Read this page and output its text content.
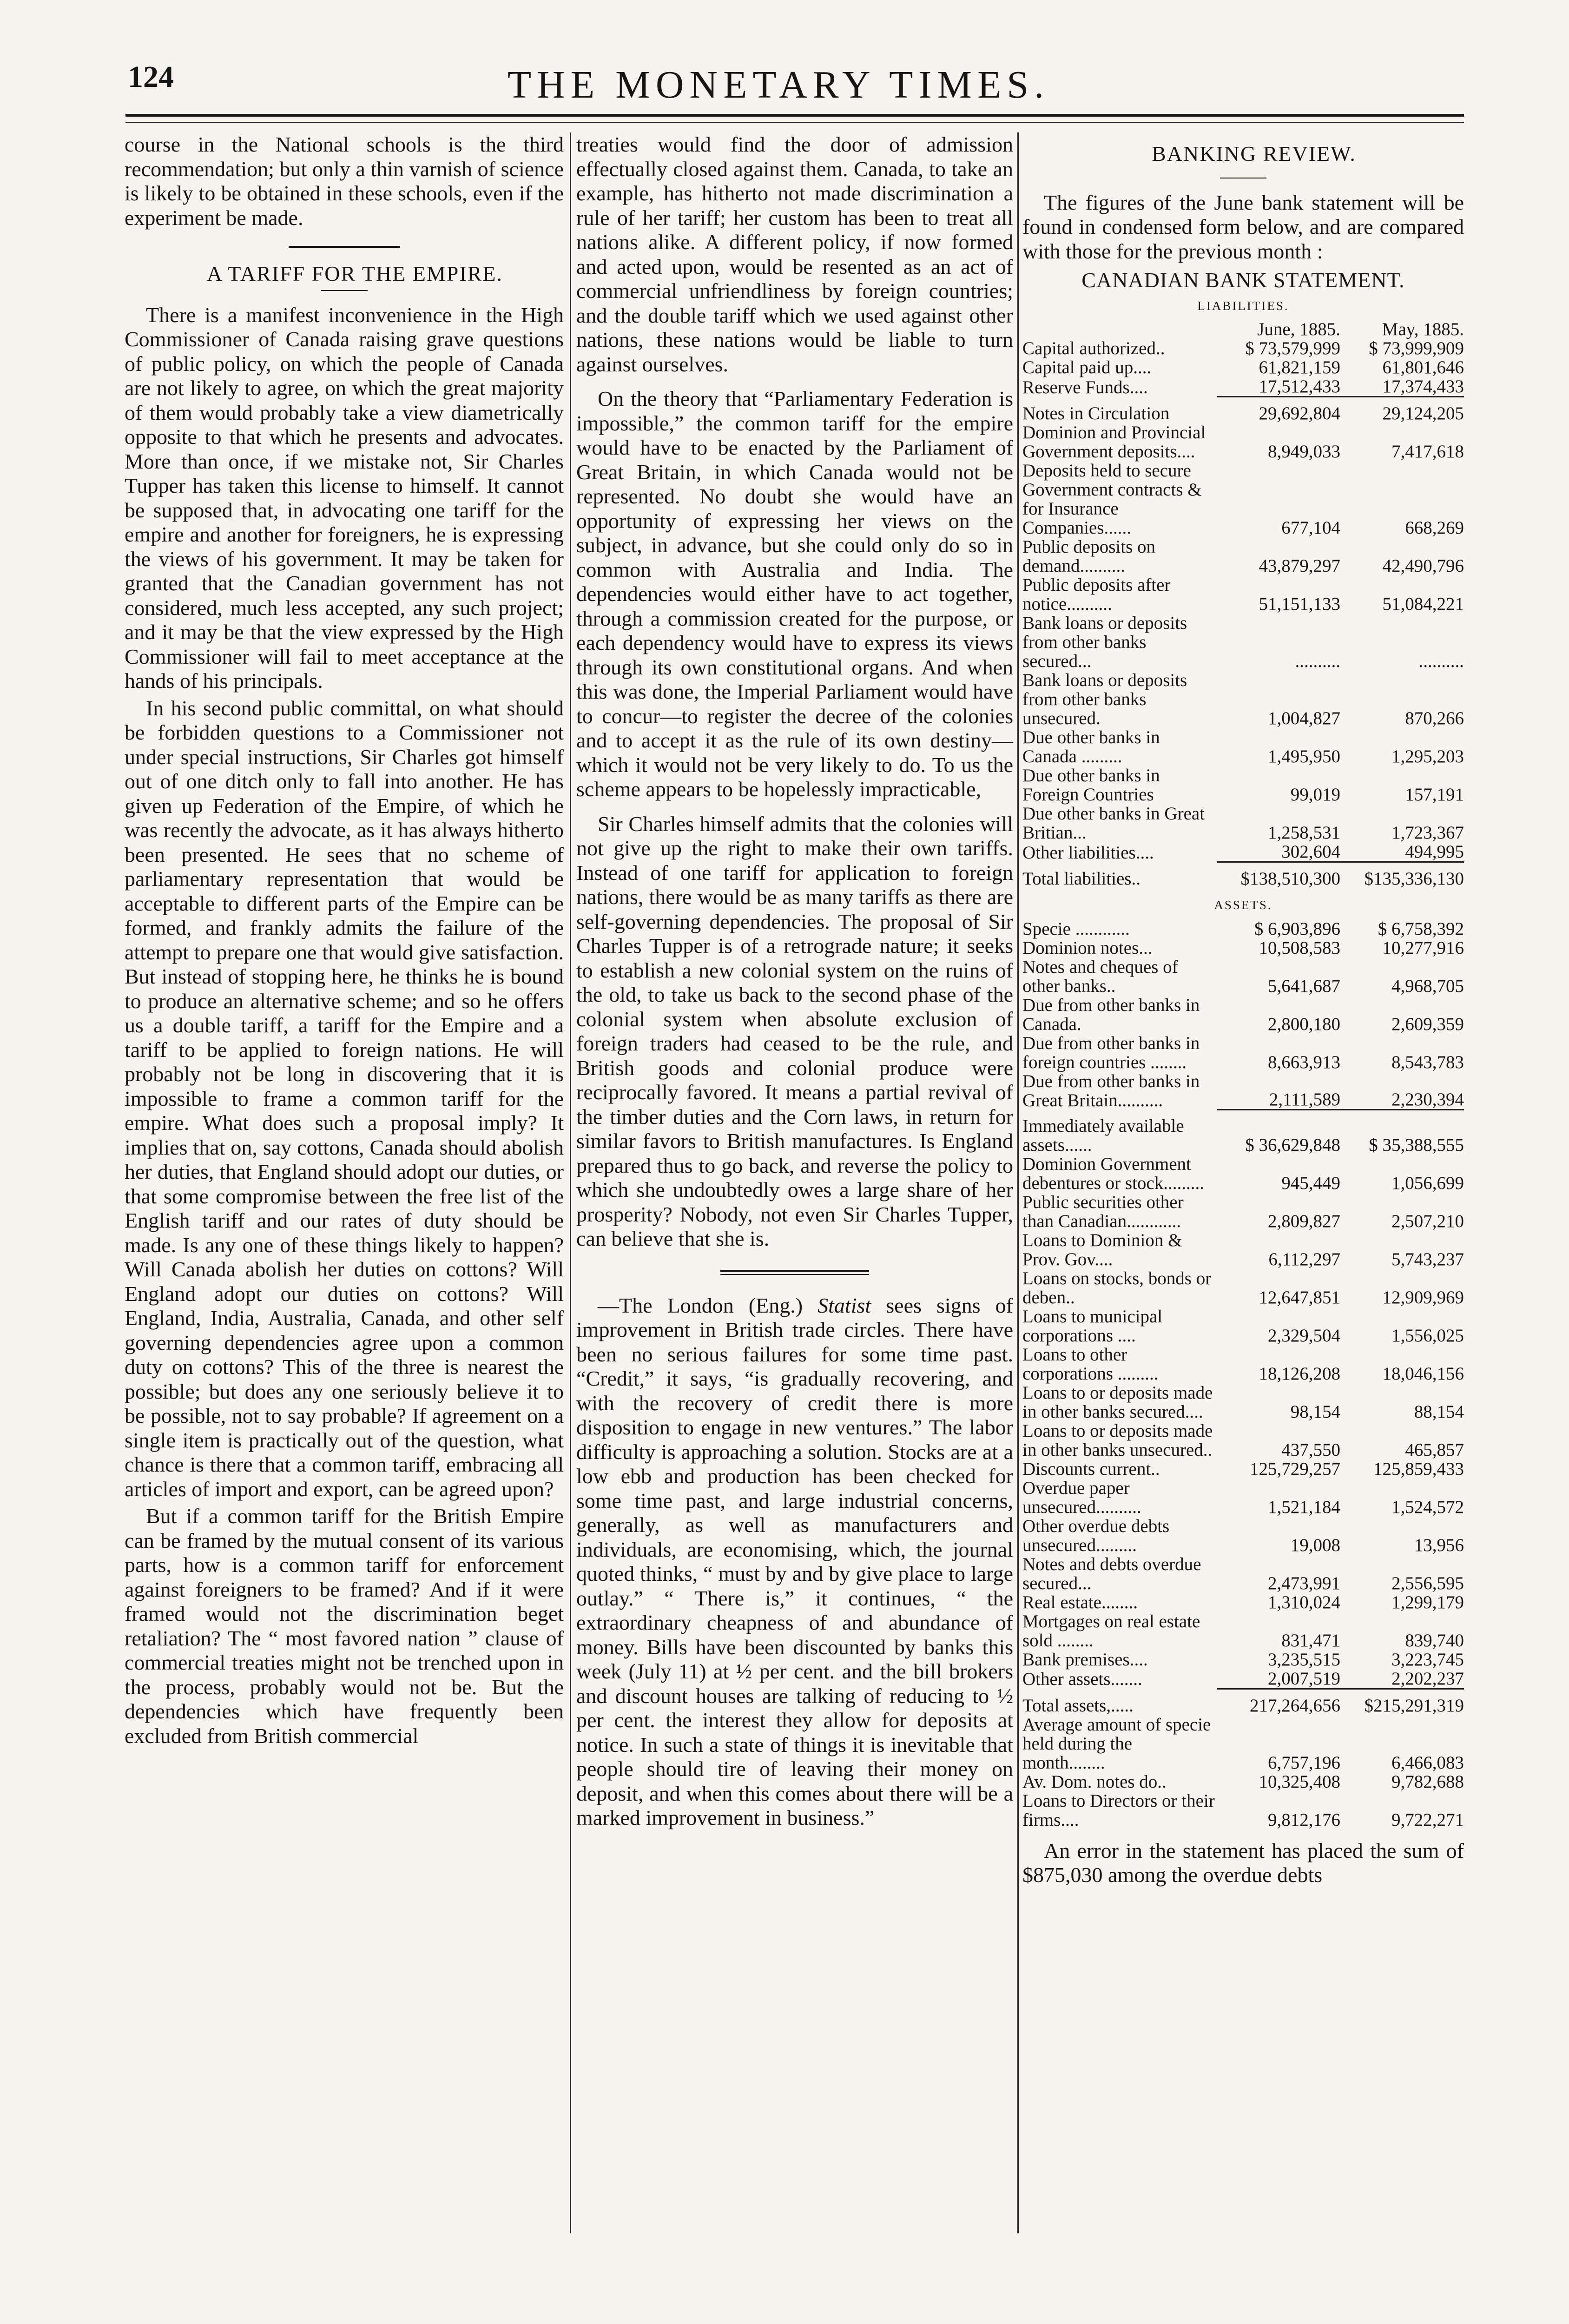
124	THE MONETARY TIMES.

course in the National schools is the third recommendation; but only a thin varnish of science is likely to be obtained in these schools, even if the experiment be made.

A TARIFF FOR THE EMPIRE.

There is a manifest inconvenience in the High Commissioner of Canada raising grave questions of public policy, on which the people of Canada are not likely to agree, on which the great majority of them would probably take a view diametrically opposite to that which he presents and advocates. More than once, if we mistake not, Sir Charles Tupper has taken this license to himself. It cannot be supposed that, in advocating one tariff for the empire and another for foreigners, he is expressing the views of his government. It may be taken for granted that the Canadian government has not considered, much less accepted, any such project; and it may be that the view expressed by the High Commissioner will fail to meet acceptance at the hands of his principals.

In his second public committal, on what should be forbidden questions to a Commissioner not under special instructions, Sir Charles got himself out of one ditch only to fall into another. He has given up Federation of the Empire, of which he was recently the advocate, as it has always hitherto been presented. He sees that no scheme of parliamentary representation that would be acceptable to different parts of the Empire can be formed, and frankly admits the failure of the attempt to prepare one that would give satisfaction. But instead of stopping here, he thinks he is bound to produce an alternative scheme; and so he offers us a double tariff, a tariff for the Empire and a tariff to be applied to foreign nations. He will probably not be long in discovering that it is impossible to frame a common tariff for the empire. What does such a proposal imply? It implies that on, say cottons, Canada should abolish her duties, that England should adopt our duties, or that some compromise between the free list of the English tariff and our rates of duty should be made. Is any one of these things likely to happen? Will Canada abolish her duties on cottons? Will England adopt our duties on cottons? Will England, India, Australia, Canada, and other self governing dependencies agree upon a common duty on cottons? This of the three is nearest the possible; but does any one seriously believe it to be possible, not to say probable? If agreement on a single item is practically out of the question, what chance is there that a common tariff, embracing all articles of import and export, can be agreed upon?

But if a common tariff for the British Empire can be framed by the mutual consent of its various parts, how is a common tariff for enforcement against foreigners to be framed? And if it were framed would not the discrimination beget retaliation? The “ most favored nation ” clause of commercial treaties might not be trenched upon in the process, probably would not be. But the dependencies which have frequently been excluded from British commercial

treaties would find the door of admission effectually closed against them. Canada, to take an example, has hitherto not made discrimination a rule of her tariff; her custom has been to treat all nations alike. A different policy, if now formed and acted upon, would be resented as an act of commercial unfriendliness by foreign countries; and the double tariff which we used against other nations, these nations would be liable to turn against ourselves.

On the theory that “Parliamentary Federation is impossible,” the common tariff for the empire would have to be enacted by the Parliament of Great Britain, in which Canada would not be represented. No doubt she would have an opportunity of expressing her views on the subject, in advance, but she could only do so in common with Australia and India. The dependencies would either have to act together, through a commission created for the purpose, or each dependency would have to express its views through its own constitutional organs. And when this was done, the Imperial Parliament would have to concur—to register the decree of the colonies and to accept it as the rule of its own destiny—which it would not be very likely to do. To us the scheme appears to be hopelessly impracticable,

Sir Charles himself admits that the colonies will not give up the right to make their own tariffs. Instead of one tariff for application to foreign nations, there would be as many tariffs as there are self-governing dependencies. The proposal of Sir Charles Tupper is of a retrograde nature; it seeks to establish a new colonial system on the ruins of the old, to take us back to the second phase of the colonial system when absolute exclusion of foreign traders had ceased to be the rule, and British goods and colonial produce were reciprocally favored. It means a partial revival of the timber duties and the Corn laws, in return for similar favors to British manufactures. Is England prepared thus to go back, and reverse the policy to which she undoubtedly owes a large share of her prosperity? Nobody, not even Sir Charles Tupper, can believe that she is.

—The London (Eng.) Statist sees signs of improvement in British trade circles. There have been no serious failures for some time past. “Credit,” it says, “is gradually recovering, and with the recovery of credit there is more disposition to engage in new ventures.” The labor difficulty is approaching a solution. Stocks are at a low ebb and production has been checked for some time past, and large industrial concerns, generally, as well as manufacturers and individuals, are economising, which, the journal quoted thinks, “ must by and by give place to large outlay.” “ There is,” it continues, “ the extraordinary cheapness of and abundance of money. Bills have been discounted by banks this week (July 11) at ½ per cent. and the bill brokers and discount houses are talking of reducing to ½ per cent. the interest they allow for deposits at notice. In such a state of things it is inevitable that people should tire of leaving their money on deposit, and when this comes about there will be a marked improvement in business.”

BANKING REVIEW.

The figures of the June bank statement will be found in condensed form below, and are compared with those for the previous month :

CANADIAN BANK STATEMENT.
LIABILITIES.
	June, 1885.	May, 1885.
Capital authorized..	$ 73,579,999	$ 73,999,909
Capital paid up....	61,821,159	61,801,646
Reserve Funds....	17,512,433	17,374,433
Notes in Circulation	29,692,804	29,124,205
Dominion and Provincial Government deposits....	8,949,033	7,417,618
Deposits held to secure Government contracts & for Insurance Companies......	677,104	668,269
Public deposits on demand..........	43,879,297	42,490,796
Public deposits after notice..........	51,151,133	51,084,221
Bank loans or deposits from other banks secured...	..........	..........
Bank loans or deposits from other banks unsecured.	1,004,827	870,266
Due other banks in Canada .........	1,495,950	1,295,203
Due other banks in Foreign Countries	99,019	157,191
Due other banks in Great Britian...	1,258,531	1,723,367
Other liabilities....	302,604	494,995
Total liabilities..	$138,510,300	$135,336,130
ASSETS.
Specie ............	$ 6,903,896	$ 6,758,392
Dominion notes...	10,508,583	10,277,916
Notes and cheques of other banks..	5,641,687	4,968,705
Due from other banks in Canada.	2,800,180	2,609,359
Due from other banks in foreign countries ........	8,663,913	8,543,783
Due from other banks in Great Britain..........	2,111,589	2,230,394
Immediately available assets......	$ 36,629,848	$ 35,388,555
Dominion Government debentures or stock.........	945,449	1,056,699
Public securities other than Canadian............	2,809,827	2,507,210
Loans to Dominion & Prov. Gov....	6,112,297	5,743,237
Loans on stocks, bonds or deben..	12,647,851	12,909,969
Loans to municipal corporations ....	2,329,504	1,556,025
Loans to other corporations .........	18,126,208	18,046,156
Loans to or deposits made in other banks secured....	98,154	88,154
Loans to or deposits made in other banks unsecured..	437,550	465,857
Discounts current..	125,729,257	125,859,433
Overdue paper unsecured..........	1,521,184	1,524,572
Other overdue debts unsecured.........	19,008	13,956
Notes and debts overdue secured...	2,473,991	2,556,595
Real estate........	1,310,024	1,299,179
Mortgages on real estate sold ........	831,471	839,740
Bank premises....	3,235,515	3,223,745
Other assets.......	2,007,519	2,202,237
Total assets,.....	217,264,656	$215,291,319
Average amount of specie held during the month........	6,757,196	6,466,083
Av. Dom. notes do..	10,325,408	9,782,688
Loans to Directors or their firms....	9,812,176	9,722,271

An error in the statement has placed the sum of $875,030 among the overdue debts
